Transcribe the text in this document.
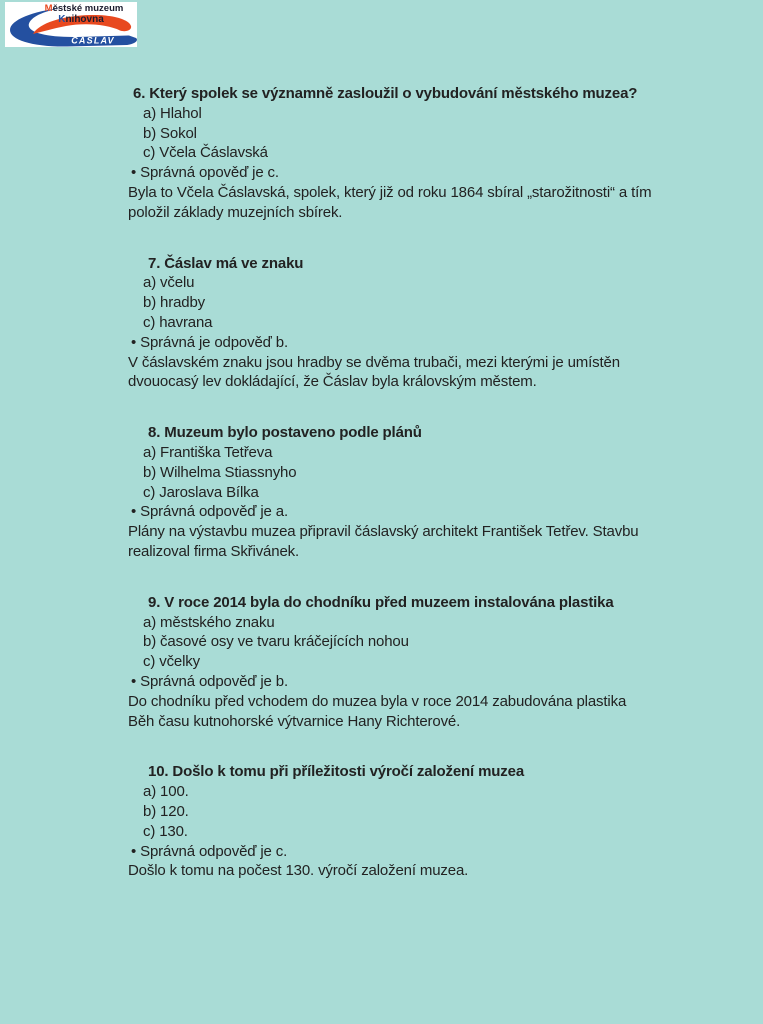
ČÁSLAV
Městské muzeum
Knihovna
6. Který spolek se významně zasloužil o vybudování městského muzea?
a) Hlahol
b) Sokol
c) Včela Čáslavská
• Správná opověď je c.
Byla to Včela Čáslavská, spolek, který již od roku 1864 sbíral „starožitnosti“ a tím
položil základy muzejních sbírek.
7. Čáslav má ve znaku
a) včelu
b) hradby
c) havrana
• Správná je odpověď b.
V čáslavském znaku jsou hradby se dvěma trubači, mezi kterými je umístěn
dvouocasý lev dokládající, že Čáslav byla královským městem.
8. Muzeum bylo postaveno podle plánů
a) Františka Tetřeva
b) Wilhelma Stiassnyho
c) Jaroslava Bílka
• Správná odpověď je a.
Plány na výstavbu muzea připravil čáslavský architekt František Tetřev. Stavbu
realizoval firma Skřivánek.
9. V roce 2014 byla do chodníku před muzeem instalována plastika
a) městského znaku
b) časové osy ve tvaru kráčejících nohou
c) včelky
• Správná odpověď je b.
Do chodníku před vchodem do muzea byla v roce 2014 zabudována plastika
Běh času kutnohorské výtvarnice Hany Richterové.
10. Došlo k tomu při příležitosti výročí založení muzea
a) 100.
b) 120.
c) 130.
• Správná odpověď je c.
Došlo k tomu na počest 130. výročí založení muzea.
